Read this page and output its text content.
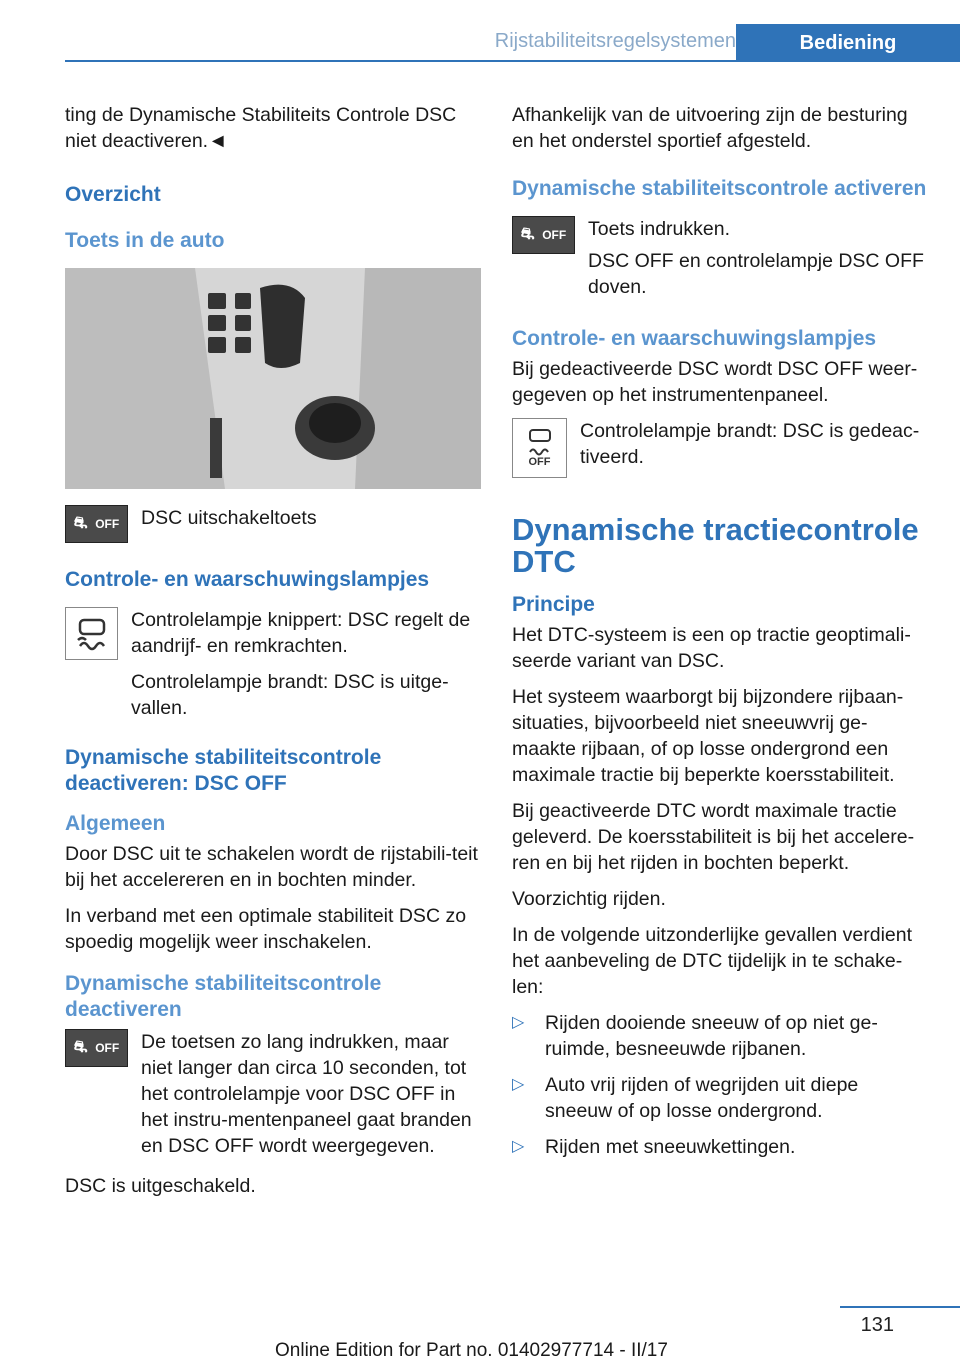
Rijstabiliteitsregelsystemen	Bediening

ting de Dynamische Stabiliteits Controle DSC niet deactiveren.◄

Overzicht
Toets in de auto
⛐ OFF DSC uitschakeltoets

Controle- en waarschuwingslampjes

Controlelampje knippert: DSC regelt de aandrijf- en remkrachten.

Controlelampje brandt: DSC is uitge-vallen.

Dynamische stabiliteitscontrole deactiveren: DSC OFF
Algemeen

Door DSC uit te schakelen wordt de rijstabili-teit bij het accelereren en in bochten minder.

In verband met een optimale stabiliteit DSC zo spoedig mogelijk weer inschakelen.

Dynamische stabiliteitscontrole deactiveren
⛐ OFF De toetsen zo lang indrukken, maar niet langer dan circa 10 seconden, tot het controlelampje voor DSC OFF in het instru-mentenpaneel gaat branden en DSC OFF wordt weergegeven.

DSC is uitgeschakeld.

Afhankelijk van de uitvoering zijn de besturing en het onderstel sportief afgesteld.

Dynamische stabiliteitscontrole activeren
⛐ OFF Toets indrukken.

DSC OFF en controlelampje DSC OFF doven.

Controle- en waarschuwingslampjes

Bij gedeactiveerde DSC wordt DSC OFF weer-gegeven op het instrumentenpaneel.

OFF

Controlelampje brandt: DSC is gedeac-tiveerd.

Dynamische tractiecontrole DTC
Principe

Het DTC-systeem is een op tractie geoptimali-seerde variant van DSC.

Het systeem waarborgt bij bijzondere rijbaan-situaties, bijvoorbeeld niet sneeuwvrij ge-maakte rijbaan, of op losse ondergrond een maximale tractie bij beperkte koersstabiliteit.

Bij geactiveerde DTC wordt maximale tractie geleverd. De koersstabiliteit is bij het accelere-ren en bij het rijden in bochten beperkt.

Voorzichtig rijden.

In de volgende uitzonderlijke gevallen verdient het aanbeveling de DTC tijdelijk in te schake-len:

▷ Rijden dooiende sneeuw of op niet ge-ruimde, besneeuwde rijbanen.
▷ Auto vrij rijden of wegrijden uit diepe sneeuw of op losse ondergrond.
▷ Rijden met sneeuwkettingen.
131
Online Edition for Part no. 01402977714 - II/17
